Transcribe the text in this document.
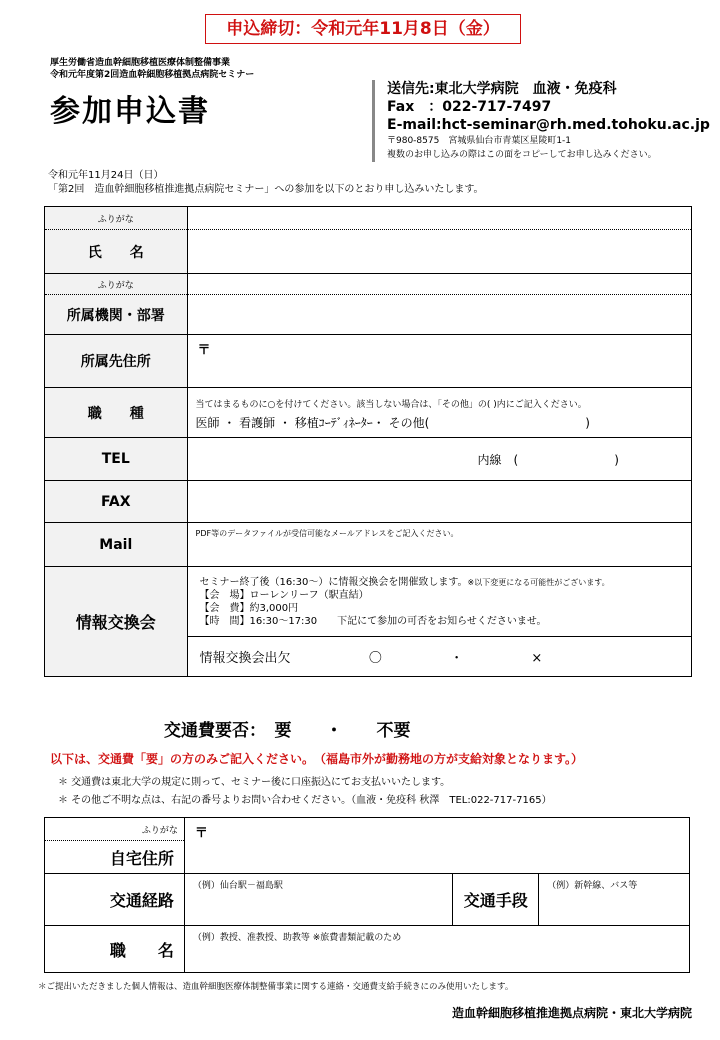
申込締切：令和元年11月8日（金）
厚生労働省造血幹細胞移植医療体制整備事業
令和元年度第2回造血幹細胞移植拠点病院セミナー
参加申込書
送信先:東北大学病院　血液・免疫科
Fax　：022-717-7497
E-mail:hct-seminar@rh.med.tohoku.ac.jp
〒980-8575　宮城県仙台市青葉区星陵町1-1
複数のお申し込みの際はこの面をコピーしてお申し込みください。
令和元年11月24日（日）
「第2回　造血幹細胞移植推進拠点病院セミナー」への参加を以下のとおり申し込みいたします。
ふりがな	
氏　　名	
ふりがな	
所属機関・部署	
所属先住所	〒
職　　種	当てはまるものに○を付けてください。該当しない場合は、「その他」の( )内にご記入ください。
医師 ・ 看護師 ・ 移植ｺｰﾃﾞｨﾈｰﾀｰ・ その他(　　　　　　　　　　　　　)

TEL	内線　(　　　　　　　　)
FAX	
Mail	PDF等のデータファイルが受信可能なメールアドレスをご記入ください。

情報交換会	セミナー終了後（16:30～）に情報交換会を開催致します。※以下変更になる可能性がございます。
【会　場】ローレンリーフ（駅直結）
【会　費】約3,000円
【時　間】16:30～17:30　　下記にて参加の可否をお知らせくださいませ。

	情報交換会出欠 〇 ・ ×
交通費要否：　要　　・　　不要
以下は、交通費「要」の方のみご記入ください。　（福島市外が勤務地の方が支給対象となります。）
＊ 交通費は東北大学の規定に則って、セミナー後に口座振込にてお支払いいたします。
＊ その他ご不明な点は、右記の番号よりお問い合わせください。（血液・免疫科 秋澤　TEL:022-717-7165）
ふりがな	〒		
自宅住所			
交通経路	（例）仙台駅－福島駅	交通手段	（例）新幹線、バス等
職　　名	（例）教授、准教授、助教等 ※旅費書類記載のため		
＊ご提出いただきました個人情報は、造血幹細胞医療体制整備事業に関する連絡・交通費支給手続きにのみ使用いたします。
造血幹細胞移植推進拠点病院・東北大学病院
